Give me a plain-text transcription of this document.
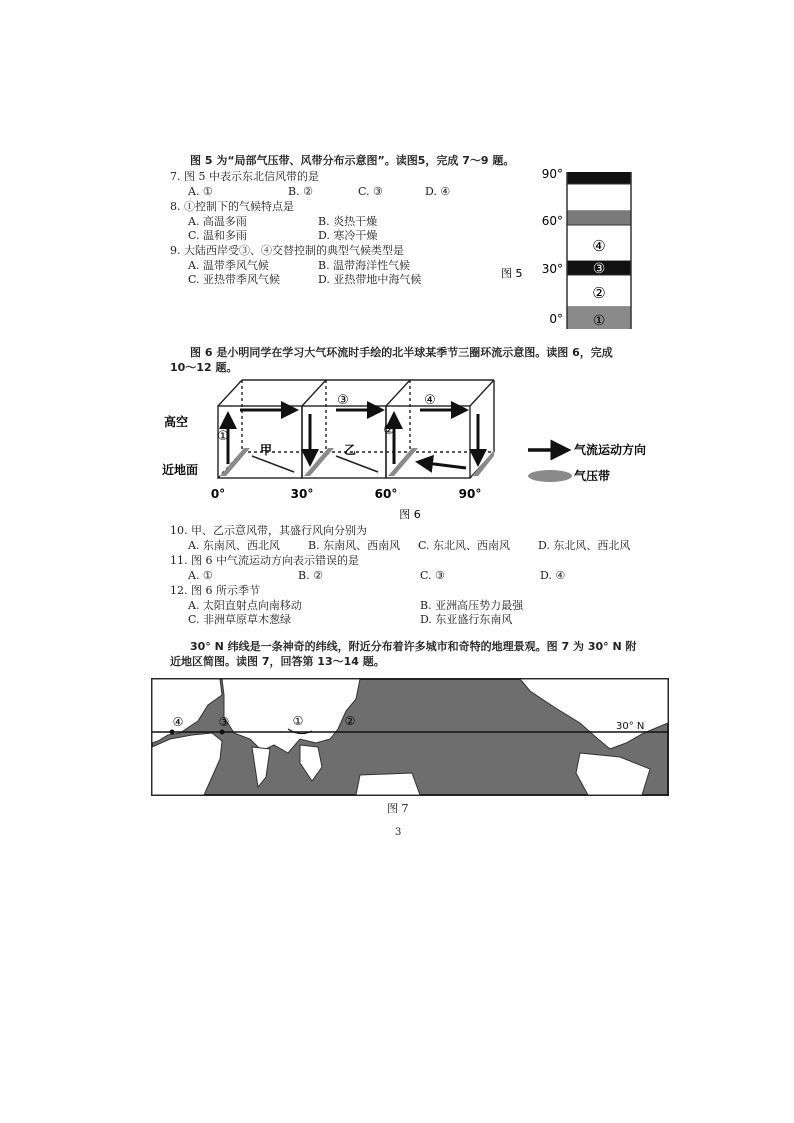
图 5 为“局部气压带、风带分布示意图”。读图5，完成 7～9 题。
7. 图 5 中表示东北信风带的是
A. ①	B. ②	C. ③	D. ④
8. ①控制下的气候特点是
A. 高温多雨	B. 炎热干燥
C. 温和多雨	D. 寒冷干燥
9. 大陆西岸受③、④交替控制的典型气候类型是
A. 温带季风气候	B. 温带海洋性气候
C. 亚热带季风气候	D. 亚热带地中海气候
90°
60°
30°
0°
④
③
②
①
图 5
图 6 是小明同学在学习大气环流时手绘的北半球某季节三圈环流示意图。读图 6，完成
10～12 题。
高空
近地面
①
③
②
④
甲	乙
0°	30°	60°	90°
气流运动方向
气压带
图 6
10. 甲、乙示意风带，其盛行风向分别为
A. 东南风、西北风	B. 东南风、西南风 C. 东北风、西南风	D. 东北风、西北风
11. 图 6 中气流运动方向表示错误的是
A. ①	B. ②	C. ③	D. ④
12. 图 6 所示季节
A. 太阳直射点向南移动	B. 亚洲高压势力最强
C. 非洲草原草木葱绿	D. 东亚盛行东南风
30° N 纬线是一条神奇的纬线，附近分布着许多城市和奇特的地理景观。图 7 为 30° N 附
近地区简图。读图 7，回答第 13～14 题。
30° N
④	③	①	②
图 7
3
